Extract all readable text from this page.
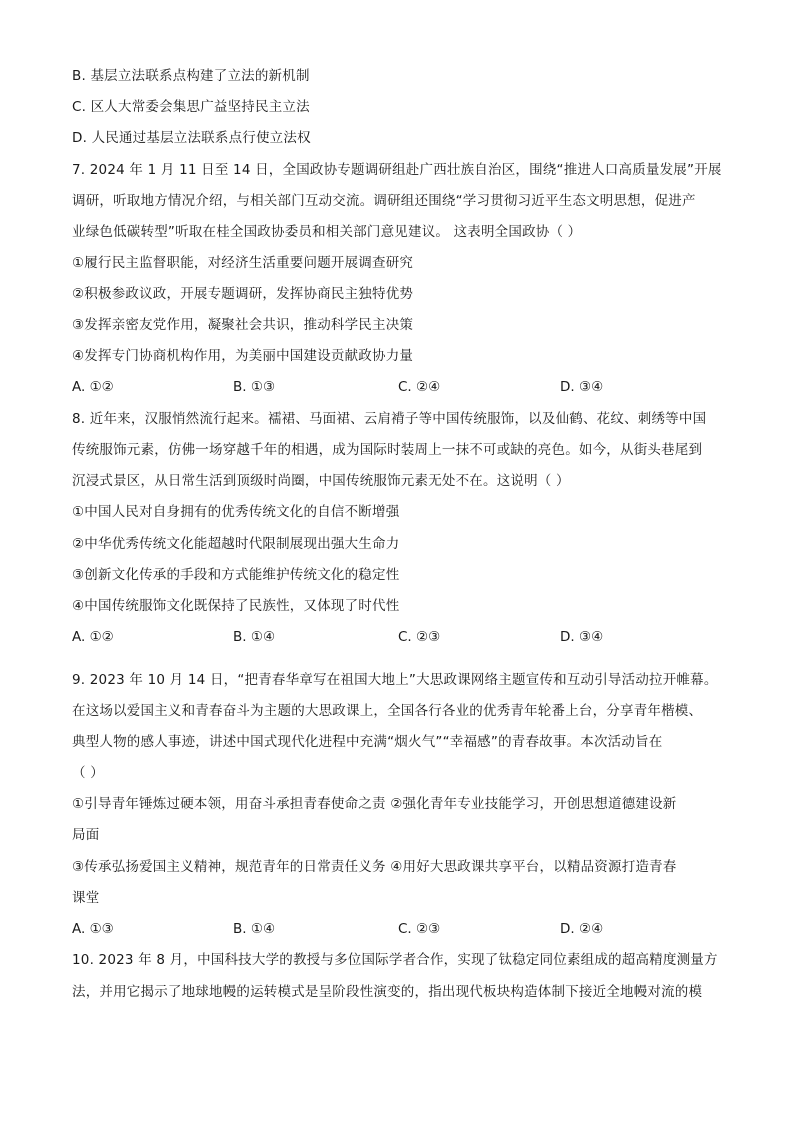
B. 基层立法联系点构建了立法的新机制
C. 区人大常委会集思广益坚持民主立法
D. 人民通过基层立法联系点行使立法权
7. 2024 年 1 月 11 日至 14 日，全国政协专题调研组赴广西壮族自治区，围绕“推进人口高质量发展”开展
调研，听取地方情况介绍，与相关部门互动交流。调研组还围绕“学习贯彻习近平生态文明思想，促进产
业绿色低碳转型”听取在桂全国政协委员和相关部门意见建议。 这表明全国政协（ ）
①履行民主监督职能，对经济生活重要问题开展调查研究
②积极参政议政，开展专题调研，发挥协商民主独特优势
③发挥亲密友党作用，凝聚社会共识，推动科学民主决策
④发挥专门协商机构作用，为美丽中国建设贡献政协力量
A. ①②	B. ①③	C. ②④	D. ③④
8. 近年来，汉服悄然流行起来。襦裙、马面裙、云肩褙子等中国传统服饰，以及仙鹤、花纹、刺绣等中国
传统服饰元素，仿佛一场穿越千年的相遇，成为国际时装周上一抹不可或缺的亮色。如今，从街头巷尾到
沉浸式景区，从日常生活到顶级时尚圈，中国传统服饰元素无处不在。这说明（ ）
①中国人民对自身拥有的优秀传统文化的自信不断增强
②中华优秀传统文化能超越时代限制展现出强大生命力
③创新文化传承的手段和方式能维护传统文化的稳定性
④中国传统服饰文化既保持了民族性，又体现了时代性
A. ①②	B. ①④	C. ②③	D. ③④
9. 2023 年 10 月 14 日，“把青春华章写在祖国大地上”大思政课网络主题宣传和互动引导活动拉开帷幕。
在这场以爱国主义和青春奋斗为主题的大思政课上，全国各行各业的优秀青年轮番上台，分享青年楷模、
典型人物的感人事迹，讲述中国式现代化进程中充满“烟火气”“幸福感”的青春故事。本次活动旨在
（ ）
①引导青年锤炼过硬本领，用奋斗承担青春使命之责 ②强化青年专业技能学习，开创思想道德建设新
局面
③传承弘扬爱国主义精神，规范青年的日常责任义务 ④用好大思政课共享平台，以精品资源打造青春
课堂
A. ①③	B. ①④	C. ②③	D. ②④
10. 2023 年 8 月，中国科技大学的教授与多位国际学者合作，实现了钛稳定同位素组成的超高精度测量方
法，并用它揭示了地球地幔的运转模式是呈阶段性演变的，指出现代板块构造体制下接近全地幔对流的模
